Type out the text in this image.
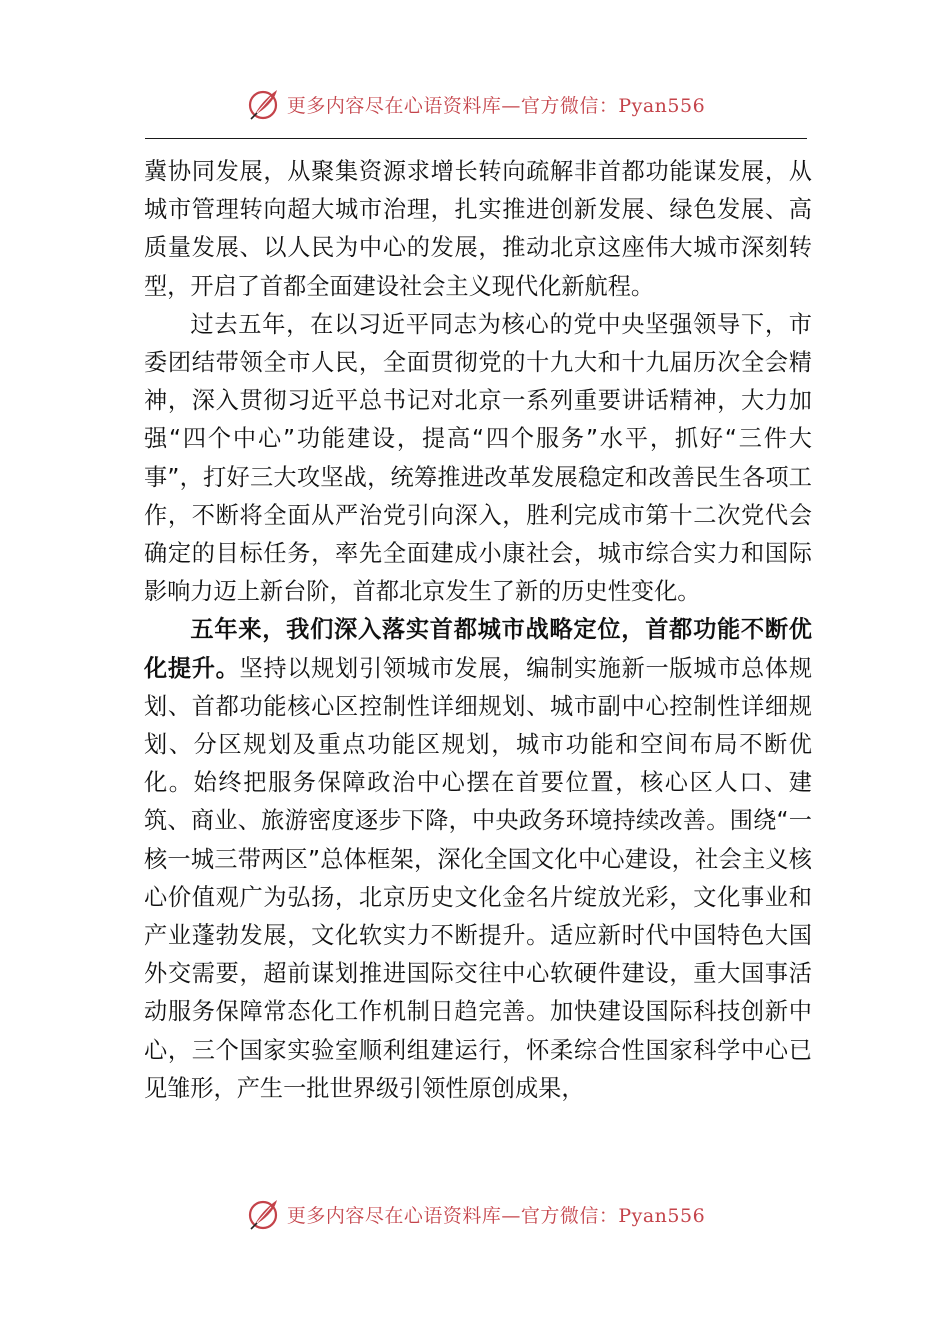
更多内容尽在心语资料库—官方微信：Pyan556

冀协同发展，从聚集资源求增长转向疏解非首都功能谋发展，从城市管理转向超大城市治理，扎实推进创新发展、绿色发展、高质量发展、以人民为中心的发展，推动北京这座伟大城市深刻转型，开启了首都全面建设社会主义现代化新航程。

过去五年，在以习近平同志为核心的党中央坚强领导下，市委团结带领全市人民，全面贯彻党的十九大和十九届历次全会精神，深入贯彻习近平总书记对北京一系列重要讲话精神，大力加强“四个中心”功能建设，提高“四个服务”水平，抓好“三件大事”，打好三大攻坚战，统筹推进改革发展稳定和改善民生各项工作，不断将全面从严治党引向深入，胜利完成市第十二次党代会确定的目标任务，率先全面建成小康社会，城市综合实力和国际影响力迈上新台阶，首都北京发生了新的历史性变化。

五年来，我们深入落实首都城市战略定位，首都功能不断优化提升。坚持以规划引领城市发展，编制实施新一版城市总体规划、首都功能核心区控制性详细规划、城市副中心控制性详细规划、分区规划及重点功能区规划，城市功能和空间布局不断优化。始终把服务保障政治中心摆在首要位置，核心区人口、建筑、商业、旅游密度逐步下降，中央政务环境持续改善。围绕“一核一城三带两区”总体框架，深化全国文化中心建设，社会主义核心价值观广为弘扬，北京历史文化金名片绽放光彩，文化事业和产业蓬勃发展，文化软实力不断提升。适应新时代中国特色大国外交需要，超前谋划推进国际交往中心软硬件建设，重大国事活动服务保障常态化工作机制日趋完善。加快建设国际科技创新中心，三个国家实验室顺利组建运行，怀柔综合性国家科学中心已见雏形，产生一批世界级引领性原创成果，

更多内容尽在心语资料库—官方微信：Pyan556
